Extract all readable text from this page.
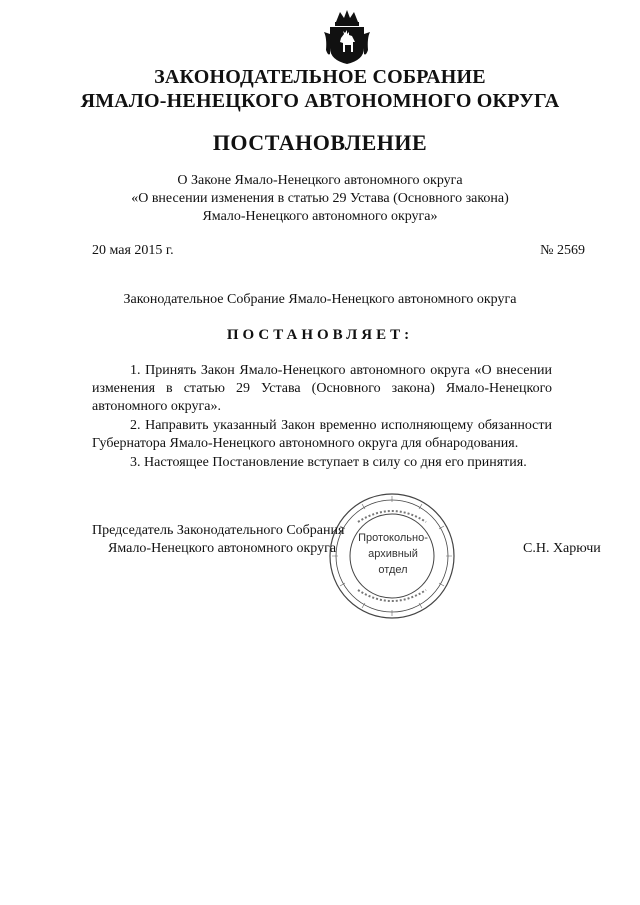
ЗАКОНОДАТЕЛЬНОЕ СОБРАНИЕ
ЯМАЛО-НЕНЕЦКОГО АВТОНОМНОГО ОКРУГА
ПОСТАНОВЛЕНИЕ
О Законе Ямало-Ненецкого автономного округа
«О внесении изменения в статью 29 Устава (Основного закона)
Ямало-Ненецкого автономного округа»
20 мая 2015 г.	№ 2569
Законодательное Собрание Ямало-Ненецкого автономного округа
ПОСТАНОВЛЯЕТ:

1. Принять Закон Ямало-Ненецкого автономного округа «О внесении изменения в статью 29 Устава (Основного закона) Ямало-Ненецкого автономного округа».

2. Направить указанный Закон временно исполняющему обязанности Губернатора Ямало-Ненецкого автономного округа для обнародования.

3. Настоящее Постановление вступает в силу со дня его принятия.

Протокольно-
архивный
отдел
Председатель Законодательного Собрания
Ямало-Ненецкого автономного округа	С.Н. Харючи
